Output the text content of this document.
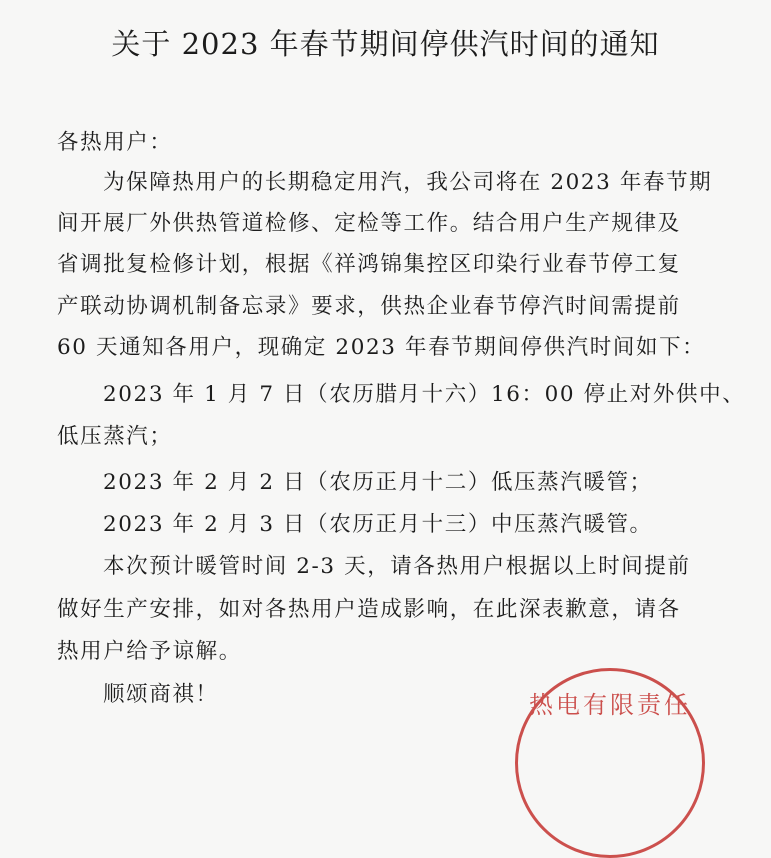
关于 2023 年春节期间停供汽时间的通知
各热用户：
为保障热用户的长期稳定用汽，我公司将在 2023 年春节期
间开展厂外供热管道检修、定检等工作。结合用户生产规律及
省调批复检修计划，根据《祥鸿锦集控区印染行业春节停工复
产联动协调机制备忘录》要求，供热企业春节停汽时间需提前
60 天通知各用户，现确定 2023 年春节期间停供汽时间如下：
2023 年 1 月 7 日（农历腊月十六）16：00 停止对外供中、
低压蒸汽；
2023 年 2 月 2 日（农历正月十二）低压蒸汽暖管；
2023 年 2 月 3 日（农历正月十三）中压蒸汽暖管。
本次预计暖管时间 2-3 天，请各热用户根据以上时间提前
做好生产安排，如对各热用户造成影响，在此深表歉意，请各
热用户给予谅解。
顺颂商祺！	热电有限责任
